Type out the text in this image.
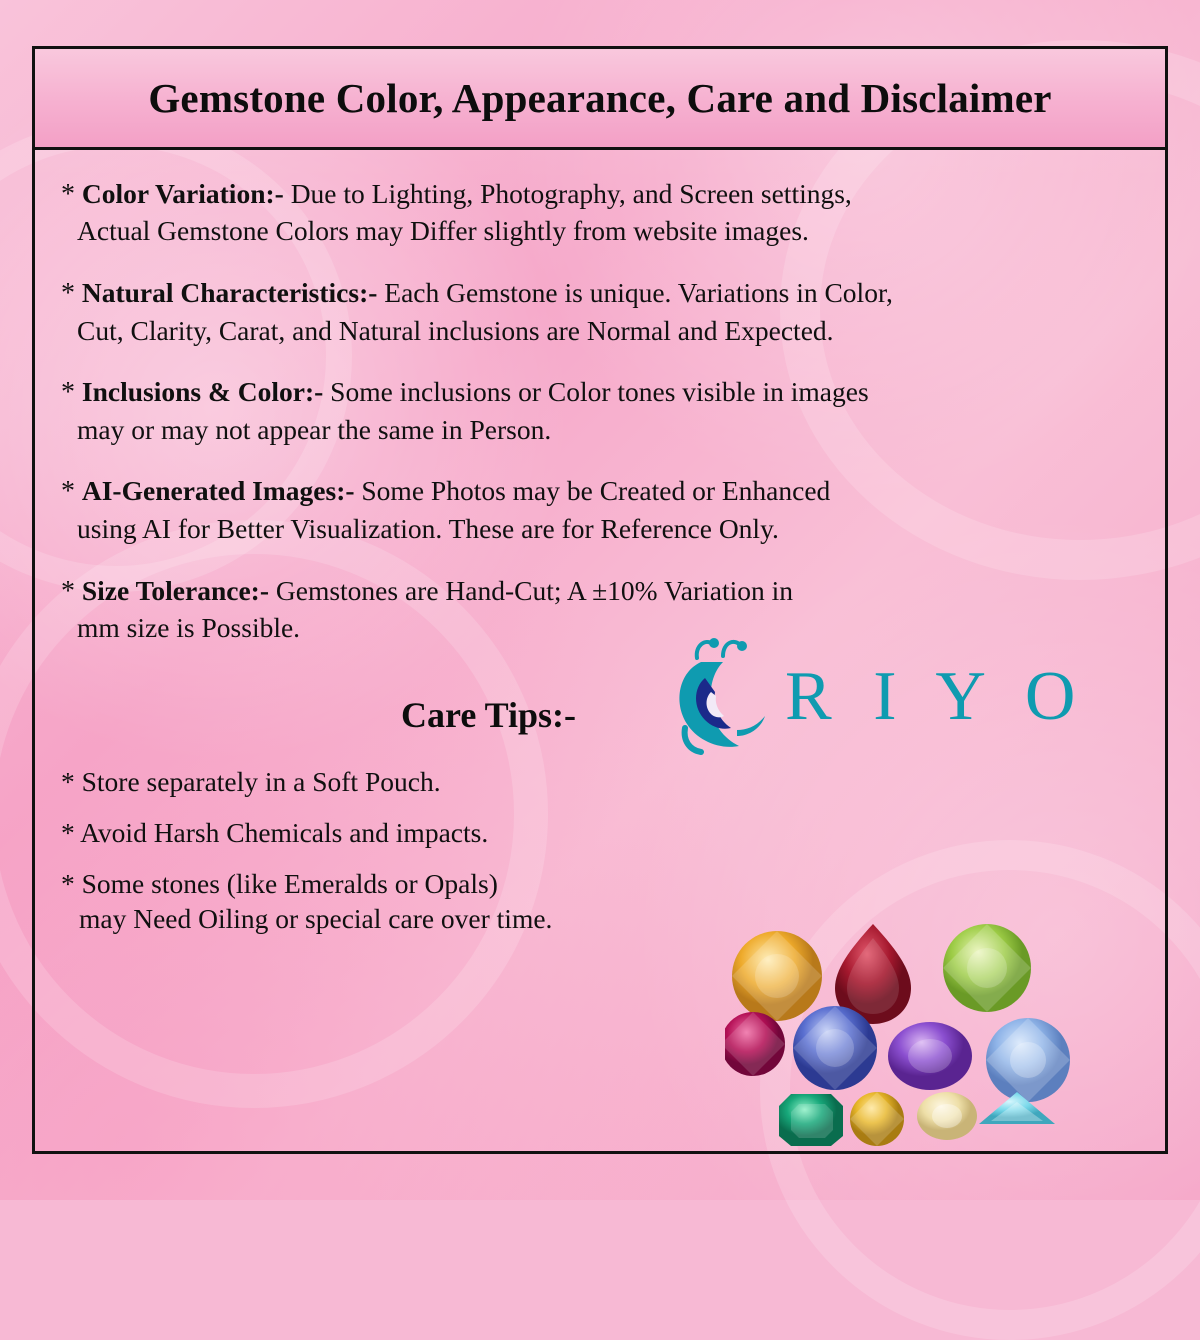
Gemstone Color, Appearance, Care and Disclaimer
* Color Variation:- Due to Lighting, Photography, and Screen settings,
Actual Gemstone Colors may Differ slightly from website images.
* Natural Characteristics:- Each Gemstone is unique. Variations in Color,
Cut, Clarity, Carat, and Natural inclusions are Normal and Expected.
* Inclusions & Color:- Some inclusions or Color tones visible in images
may or may not appear the same in Person.
* AI-Generated Images:- Some Photos may be Created or Enhanced
using AI for Better Visualization. These are for Reference Only.
* Size Tolerance:- Gemstones are Hand-Cut; A ±10% Variation in
mm size is Possible.
Care Tips:-	R I Y O
* Store separately in a Soft Pouch.
* Avoid Harsh Chemicals and impacts.
* Some stones (like Emeralds or Opals)
may Need Oiling or special care over time.
